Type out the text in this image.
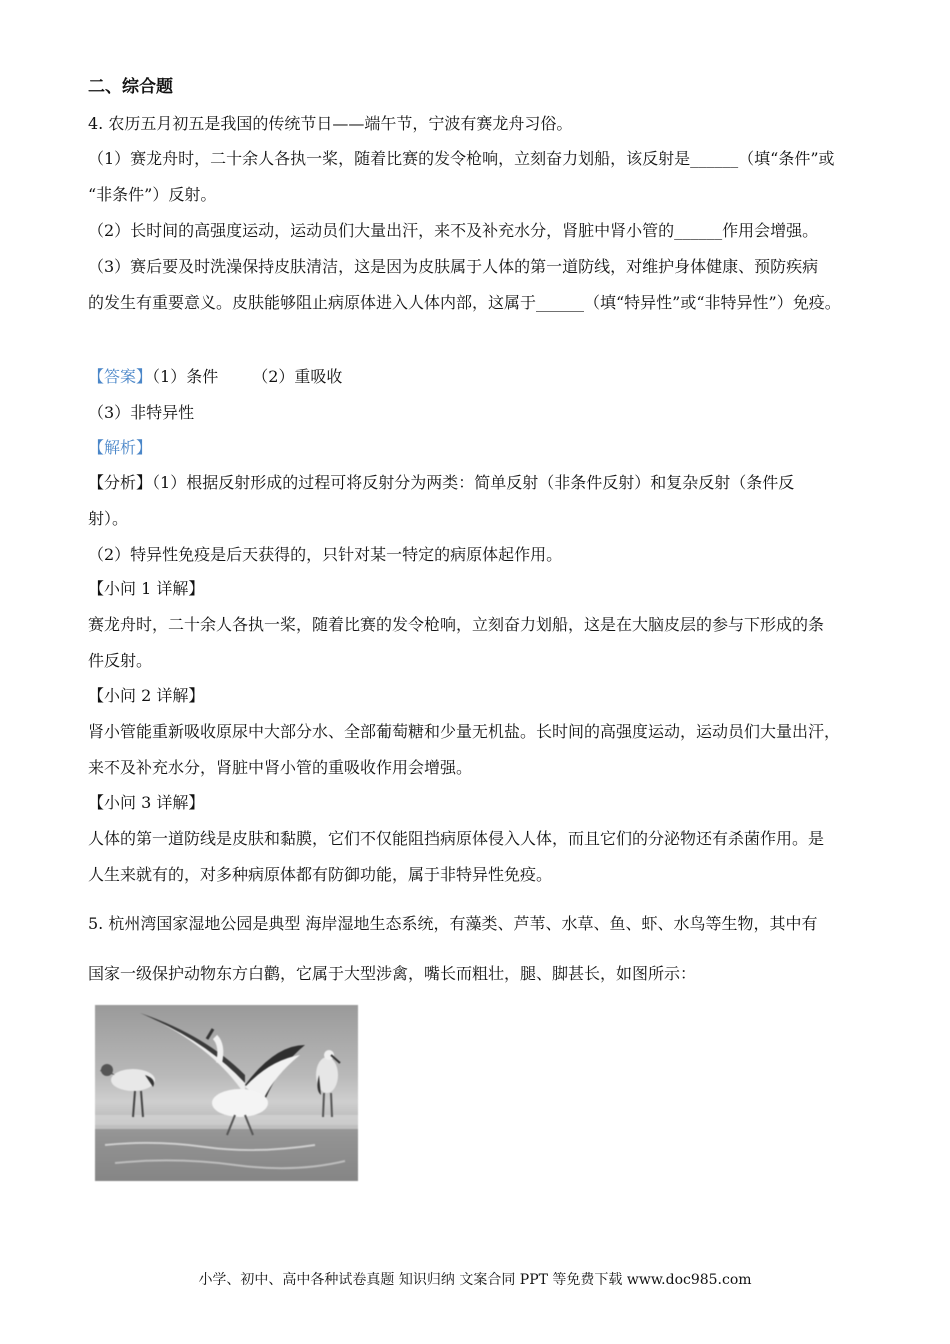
二、综合题
4. 农历五月初五是我国的传统节日——端午节，宁波有赛龙舟习俗。
（1）赛龙舟时，二十余人各执一桨，随着比赛的发令枪响，立刻奋力划船，该反射是______（填“条件”或
“非条件”）反射。
（2）长时间的高强度运动，运动员们大量出汗，来不及补充水分，肾脏中肾小管的______作用会增强。
（3）赛后要及时洗澡保持皮肤清洁，这是因为皮肤属于人体的第一道防线，对维护身体健康、预防疾病
的发生有重要意义。皮肤能够阻止病原体进入人体内部，这属于______（填“特异性”或“非特异性”）免疫。
【答案】（1）条件 （2）重吸收
（3）非特异性
【解析】
【分析】（1）根据反射形成的过程可将反射分为两类：简单反射（非条件反射）和复杂反射（条件反
射）。
（2）特异性免疫是后天获得的，只针对某一特定的病原体起作用。
【小问 1 详解】
赛龙舟时，二十余人各执一桨，随着比赛的发令枪响，立刻奋力划船，这是在大脑皮层的参与下形成的条
件反射。
【小问 2 详解】
肾小管能重新吸收原尿中大部分水、全部葡萄糖和少量无机盐。长时间的高强度运动，运动员们大量出汗，
来不及补充水分，肾脏中肾小管的重吸收作用会增强。
【小问 3 详解】
人体的第一道防线是皮肤和黏膜，它们不仅能阻挡病原体侵入人体，而且它们的分泌物还有杀菌作用。是
人生来就有的，对多种病原体都有防御功能，属于非特异性免疫。
5. 杭州湾国家湿地公园是典型 海岸湿地生态系统，有藻类、芦苇、水草、鱼、虾、水鸟等生物，其中有
国家一级保护动物东方白鹳，它属于大型涉禽，嘴长而粗壮，腿、脚甚长，如图所示：
小学、初中、高中各种试卷真题 知识归纳 文案合同 PPT 等免费下载 www.doc985.com
